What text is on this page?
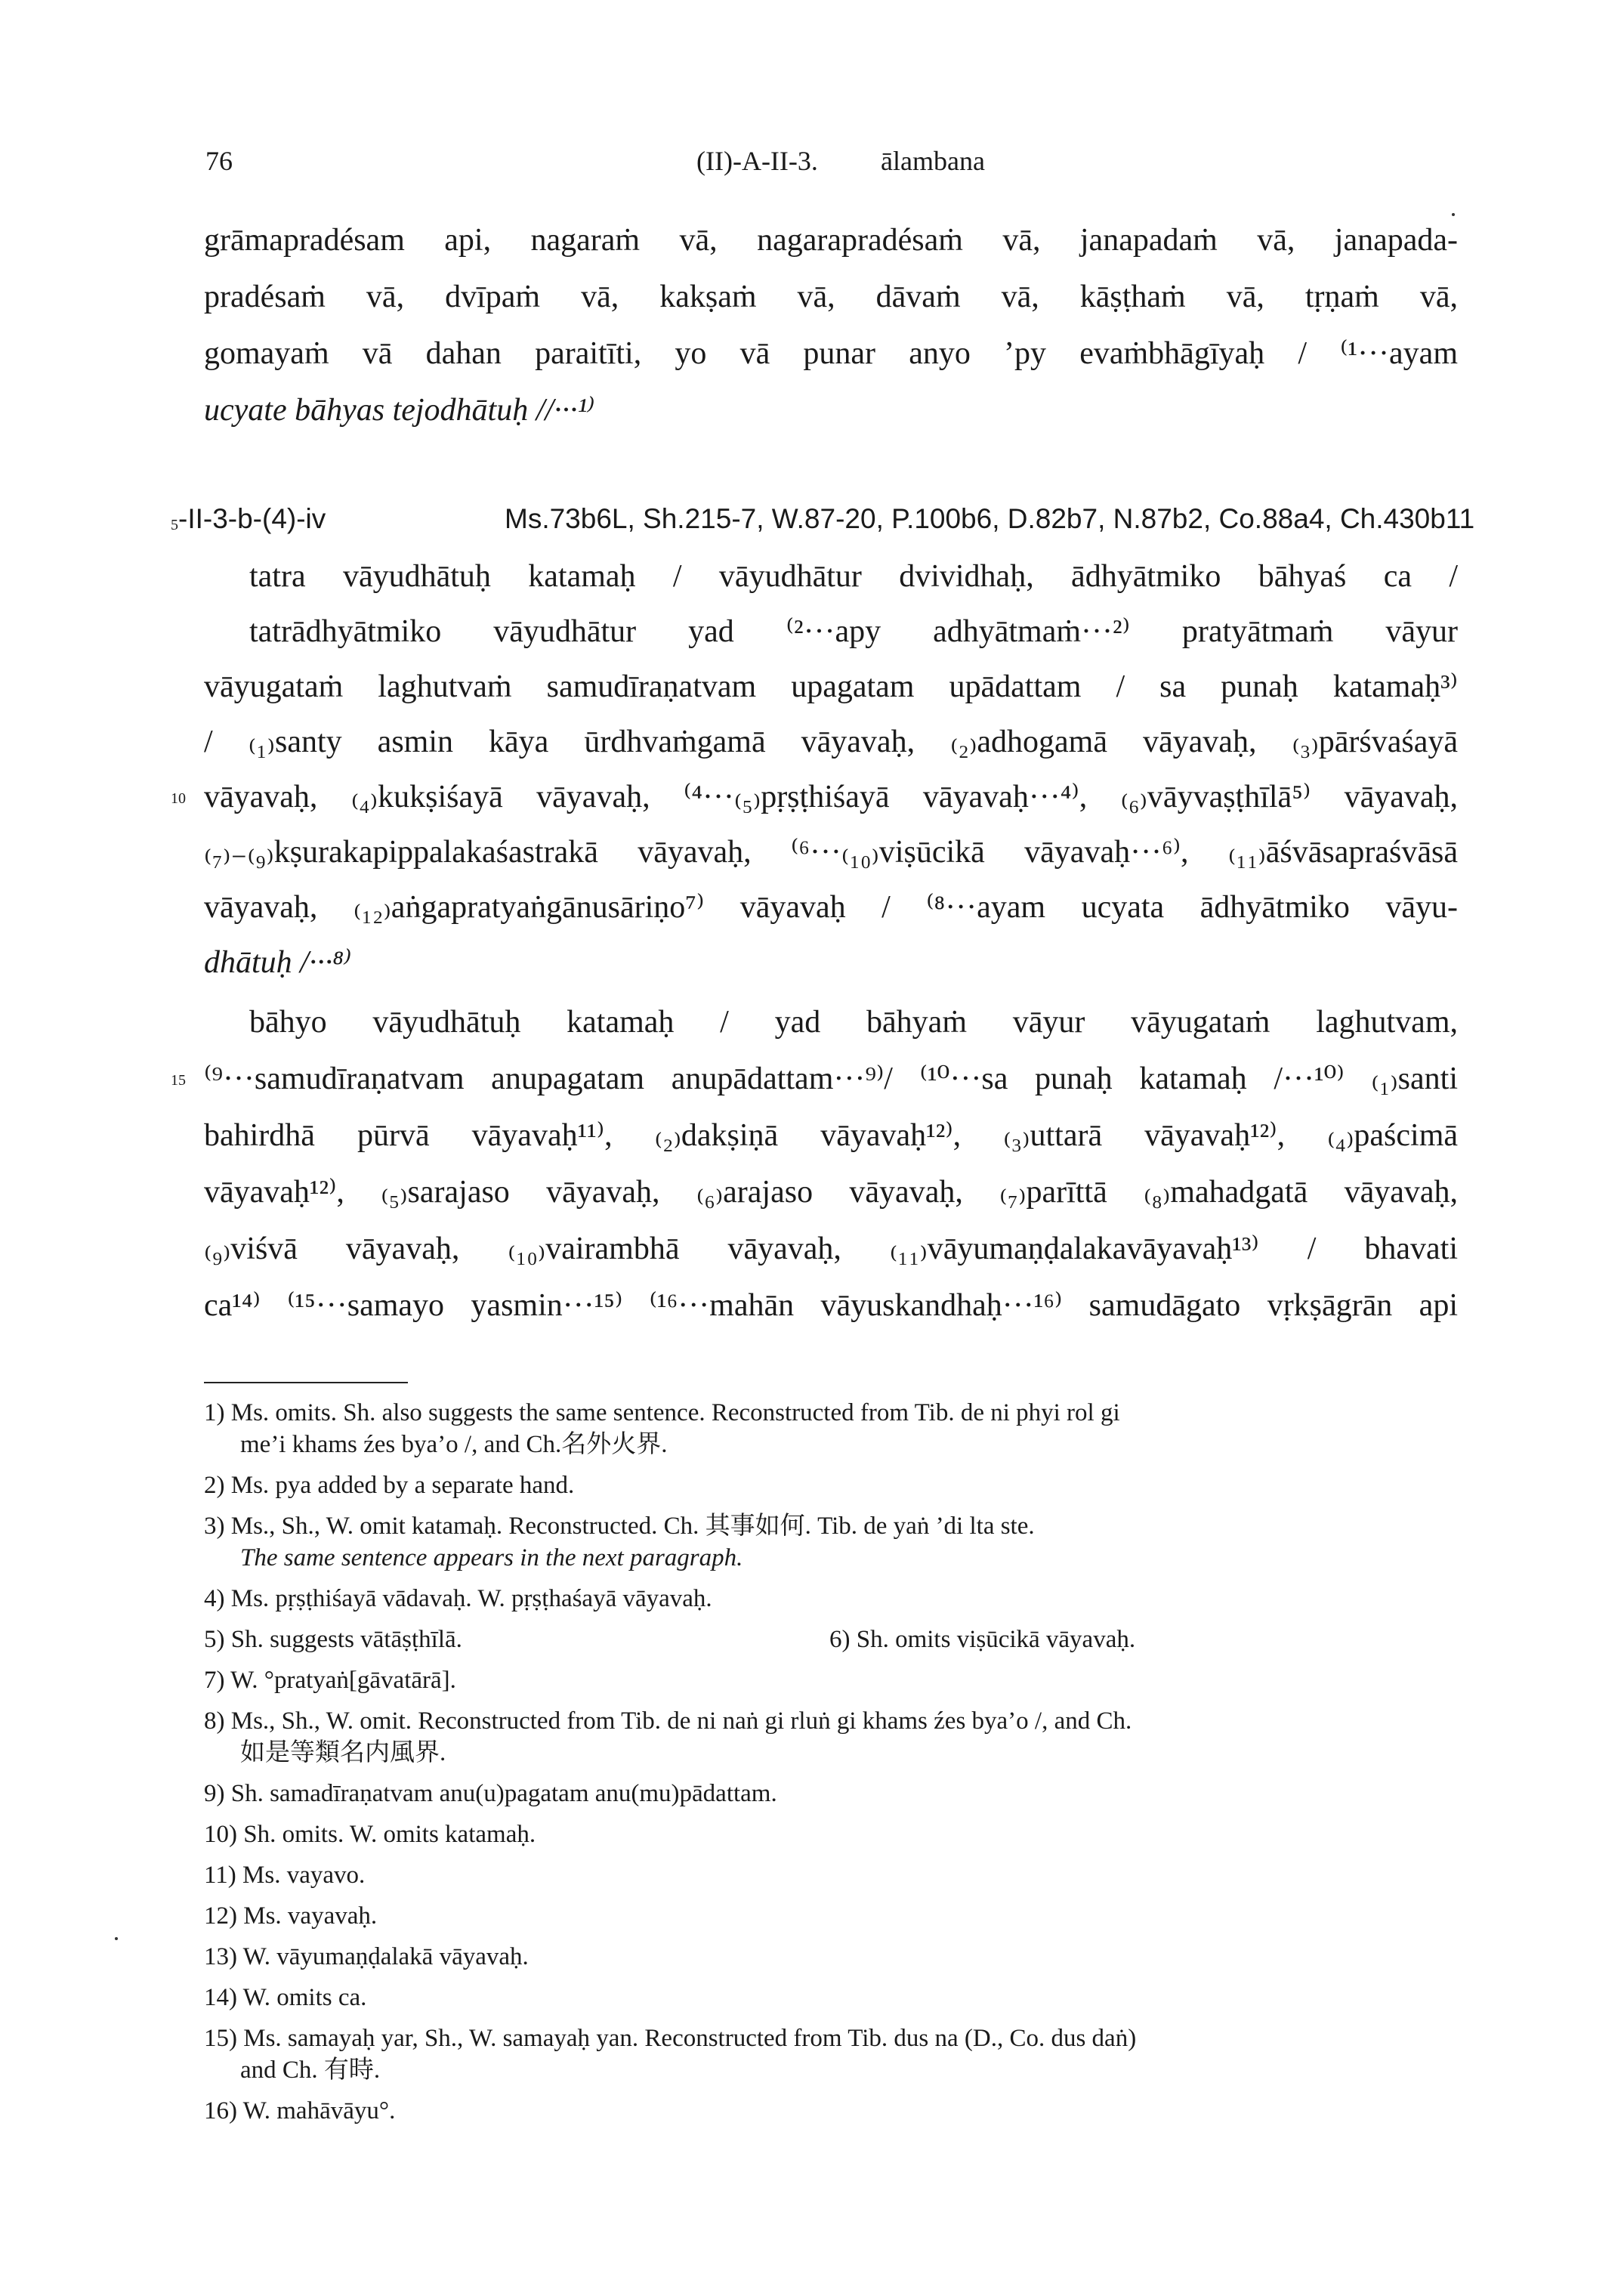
76	(II)-A-II-3. ālambana
grāmapradésam api, nagaraṁ vā, nagarapradésaṁ vā, janapadaṁ vā, janapada-
pradésaṁ vā, dvīpaṁ vā, kakṣaṁ vā, dāvaṁ vā, kāṣṭhaṁ vā, tṛṇaṁ vā,
gomayaṁ vā dahan paraitīti, yo vā punar anyo ’py evaṁbhāgīyaḥ / ⁽¹···ayam
ucyate bāhyas tejodhātuḥ //···¹⁾
5 -II-3-b-(4)-iv	Ms.73b6L, Sh.215-7, W.87-20, P.100b6, D.82b7, N.87b2, Co.88a4, Ch.430b11
tatra vāyudhātuḥ katamaḥ / vāyudhātur dvividhaḥ, ādhyātmiko bāhyaś ca /
tatrādhyātmiko vāyudhātur yad ⁽²···apy adhyātmaṁ···²⁾ pratyātmaṁ vāyur
vāyugataṁ laghutvaṁ samudīraṇatvam upagatam upādattam / sa punaḥ katamaḥ³⁾
/ ₍₁₎santy asmin kāya ūrdhvaṁgamā vāyavaḥ, ₍₂₎adhogamā vāyavaḥ, ₍₃₎pārśvaśayā
10 vāyavaḥ, ₍₄₎kukṣiśayā vāyavaḥ, ⁽⁴···₍₅₎pṛṣṭhiśayā vāyavaḥ···⁴⁾, ₍₆₎vāyvaṣṭhīlā⁵⁾ vāyavaḥ,
₍₇₎₋₍₉₎kṣurakapippalakaśastrakā vāyavaḥ, ⁽⁶···₍₁₀₎viṣūcikā vāyavaḥ···⁶⁾, ₍₁₁₎āśvāsapraśvāsā
vāyavaḥ, ₍₁₂₎aṅgapratyaṅgānusāriṇo⁷⁾ vāyavaḥ / ⁽⁸···ayam ucyata ādhyātmiko vāyu-
dhātuḥ /···⁸⁾
bāhyo vāyudhātuḥ katamaḥ / yad bāhyaṁ vāyur vāyugataṁ laghutvam,
15 ⁽⁹···samudīraṇatvam anupagatam anupādattam···⁹⁾/ ⁽¹⁰···sa punaḥ katamaḥ /···¹⁰⁾ ₍₁₎santi
bahirdhā pūrvā vāyavaḥ¹¹⁾, ₍₂₎dakṣiṇā vāyavaḥ¹²⁾, ₍₃₎uttarā vāyavaḥ¹²⁾, ₍₄₎paścimā
vāyavaḥ¹²⁾, ₍₅₎sarajaso vāyavaḥ, ₍₆₎arajaso vāyavaḥ, ₍₇₎parīttā ₍₈₎mahadgatā vāyavaḥ,
₍₉₎viśvā vāyavaḥ, ₍₁₀₎vairambhā vāyavaḥ, ₍₁₁₎vāyumaṇḍalakavāyavaḥ¹³⁾ / bhavati
ca¹⁴⁾ ⁽¹⁵···samayo yasmin···¹⁵⁾ ⁽¹⁶···mahān vāyuskandhaḥ···¹⁶⁾ samudāgato vṛkṣāgrān api
1) Ms. omits. Sh. also suggests the same sentence. Reconstructed from Tib. de ni phyi rol gi
me’i khams źes bya’o /, and Ch.名外火界.
2) Ms. pya added by a separate hand.
3) Ms., Sh., W. omit katamaḥ. Reconstructed. Ch. 其事如何. Tib. de yaṅ ’di lta ste.
The same sentence appears in the next paragraph.
4) Ms. pṛṣṭhiśayā vādavaḥ. W. pṛṣṭhaśayā vāyavaḥ.
5) Sh. suggests vātāṣṭhīlā.	6) Sh. omits viṣūcikā vāyavaḥ.
7) W. °pratyaṅ[gāvatārā].
8) Ms., Sh., W. omit. Reconstructed from Tib. de ni naṅ gi rluṅ gi khams źes bya’o /, and Ch.
如是等類名内風界.
9) Sh. samadīraṇatvam anu(u)pagatam anu(mu)pādattam.
10) Sh. omits. W. omits katamaḥ.
11) Ms. vayavo.
12) Ms. vayavaḥ.
13) W. vāyumaṇḍalakā vāyavaḥ.
14) W. omits ca.
15) Ms. samayaḥ yar, Sh., W. samayaḥ yan. Reconstructed from Tib. dus na (D., Co. dus daṅ)
and Ch. 有時.
16) W. mahāvāyu°.
